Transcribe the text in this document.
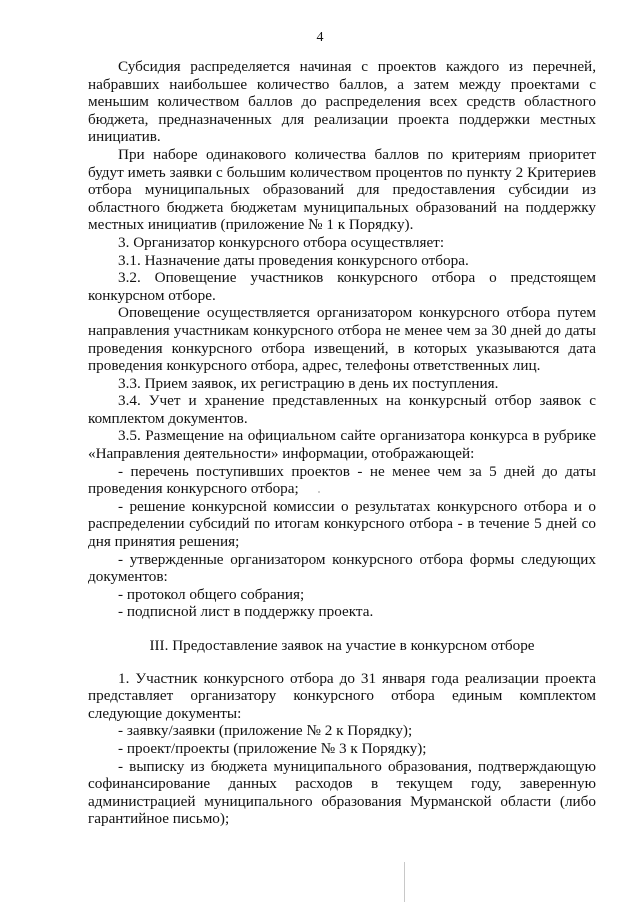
4

Субсидия распределяется начиная с проектов каждого из перечней, набравших наибольшее количество баллов, а затем между проектами с меньшим количеством баллов до распределения всех средств областного бюджета, предназначенных для реализации проекта поддержки местных инициатив.

При наборе одинакового количества баллов по критериям приоритет будут иметь заявки с большим количеством процентов по пункту 2 Критериев отбора муниципальных образований для предоставления субсидии из областного бюджета бюджетам муниципальных образований на поддержку местных инициатив (приложение № 1 к Порядку).

3. Организатор конкурсного отбора осуществляет:

3.1. Назначение даты проведения конкурсного отбора.

3.2. Оповещение участников конкурсного отбора о предстоящем конкурсном отборе.

Оповещение осуществляется организатором конкурсного отбора путем направления участникам конкурсного отбора не менее чем за 30 дней до даты проведения конкурсного отбора извещений, в которых указываются дата проведения конкурсного отбора, адрес, телефоны ответственных лиц.

3.3. Прием заявок, их регистрацию в день их поступления.

3.4. Учет и хранение представленных на конкурсный отбор заявок с комплектом документов.

3.5. Размещение на официальном сайте организатора конкурса в рубрике «Направления деятельности» информации, отображающей:

- перечень поступивших проектов - не менее чем за 5 дней до даты проведения конкурсного отбора;

- решение конкурсной комиссии о результатах конкурсного отбора и о распределении субсидий по итогам конкурсного отбора - в течение 5 дней со дня принятия решения;

- утвержденные организатором конкурсного отбора формы следующих документов:

- протокол общего собрания;

- подписной лист в поддержку проекта.

III. Предоставление заявок на участие в конкурсном отборе

1. Участник конкурсного отбора до 31 января года реализации проекта представляет организатору конкурсного отбора единым комплектом следующие документы:

- заявку/заявки (приложение № 2 к Порядку);

- проект/проекты (приложение № 3 к Порядку);

- выписку из бюджета муниципального образования, подтверждающую софинансирование данных расходов в текущем году, заверенную администрацией муниципального образования Мурманской области (либо гарантийное письмо);
